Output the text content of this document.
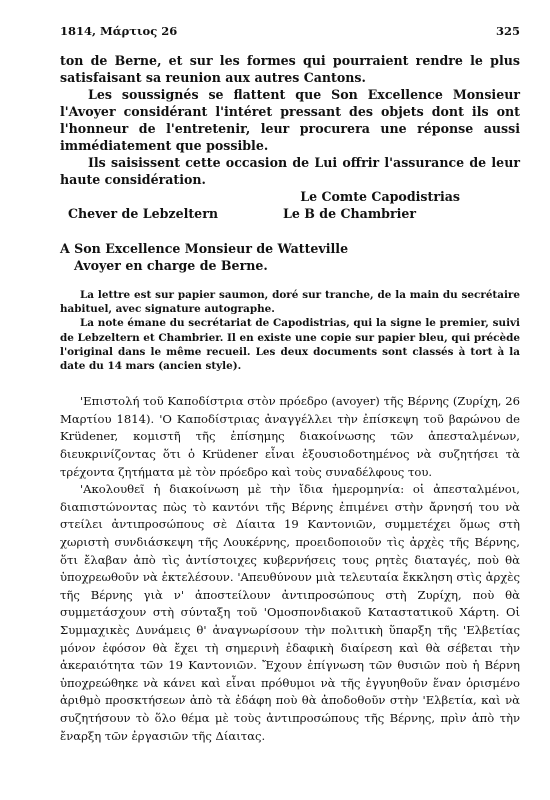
1814, Μάρτιος 26	325

ton de Berne, et sur les formes qui pourraient rendre le plus satisfaisant sa reunion aux autres Cantons.

Les soussignés se flattent que Son Excellence Monsieur l'Avoyer considérant l'intéret pressant des objets dont ils ont l'honneur de l'entretenir, leur procurera une réponse aussi immédiatement que possible.

Ils saisissent cette occasion de Lui offrir l'assurance de leur haute considération.

Le Comte Capodistrias

Chever de Lebzeltern	Le B de Chambrier

A Son Excellence Monsieur de Watteville

Avoyer en charge de Berne.

La lettre est sur papier saumon, doré sur tranche, de la main du secrétaire habituel, avec signature autographe.

La note émane du secrétariat de Capodistrias, qui la signe le premier, suivi de Lebzeltern et Chambrier. Il en existe une copie sur papier bleu, qui précède l'original dans le même recueil. Les deux documents sont classés à tort à la date du 14 mars (ancien style).

'Επιστολή τοῦ Καποδίστρια στὸν πρόεδρο (avoyer) τῆς Βέρνης (Ζυρίχη, 26 Μαρτίου 1814). 'Ο Καποδίστριας ἀναγγέλλει τὴν ἐπίσκεψη τοῦ βαρώνου de Krüdener, κομιστῆ τῆς ἐπίσημης διακοίνωσης τῶν ἀπεσταλμένων, διευκρινίζοντας ὅτι ὁ Krüdener εἶναι ἐξουσιοδοτημένος νὰ συζητήσει τὰ τρέχοντα ζητήματα μὲ τὸν πρόεδρο καὶ τοὺς συναδέλφους του.

'Ακολουθεῖ ἡ διακοίνωση μὲ τὴν ἴδια ἡμερομηνία: οἱ ἀπεσταλμένοι, διαπιστώνοντας πὼς τὸ καντόνι τῆς Βέρνης ἐπιμένει στὴν ἄρνησή του νὰ στείλει ἀντιπροσώπους σὲ Δίαιτα 19 Καντονιῶν, συμμετέχει ὅμως στὴ χωριστὴ συνδιάσκεψη τῆς Λουκέρνης, προειδοποιοῦν τὶς ἀρχὲς τῆς Βέρνης, ὅτι ἔλαβαν ἀπὸ τὶς ἀντίστοιχες κυβερνήσεις τους ρητὲς διαταγές, ποὺ θὰ ὑποχρεωθοῦν νὰ ἐκτελέσουν. 'Απευθύνουν μιὰ τελευταία ἔκκληση στὶς ἀρχὲς τῆς Βέρνης γιὰ ν' ἀποστείλουν ἀντιπροσώπους στὴ Ζυρίχη, ποὺ θὰ συμμετάσχουν στὴ σύνταξη τοῦ 'Ομοσπονδιακοῦ Καταστατικοῦ Χάρτη. Οἱ Συμμαχικὲς Δυνάμεις θ' ἀναγνωρίσουν τὴν πολιτικὴ ὕπαρξη τῆς 'Ελβετίας μόνον ἐφόσον θὰ ἔχει τὴ σημερινὴ ἐδαφικὴ διαίρεση καὶ θὰ σέβεται τὴν ἀκεραιότητα τῶν 19 Καντονιῶν. Ἔχουν ἐπίγνωση τῶν θυσιῶν ποὺ ἡ Βέρνη ὑποχρεώθηκε νὰ κάνει καὶ εἶναι πρόθυμοι νὰ τῆς ἐγγυηθοῦν ἕναν ὁρισμένο ἀριθμὸ προσκτήσεων ἀπὸ τὰ ἐδάφη ποὺ θὰ ἀποδοθοῦν στὴν 'Ελβετία, καὶ νὰ συζητήσουν τὸ ὅλο θέμα μὲ τοὺς ἀντιπροσώπους τῆς Βέρνης, πρὶν ἀπὸ τὴν ἔναρξη τῶν ἐργασιῶν τῆς Δίαιτας.
